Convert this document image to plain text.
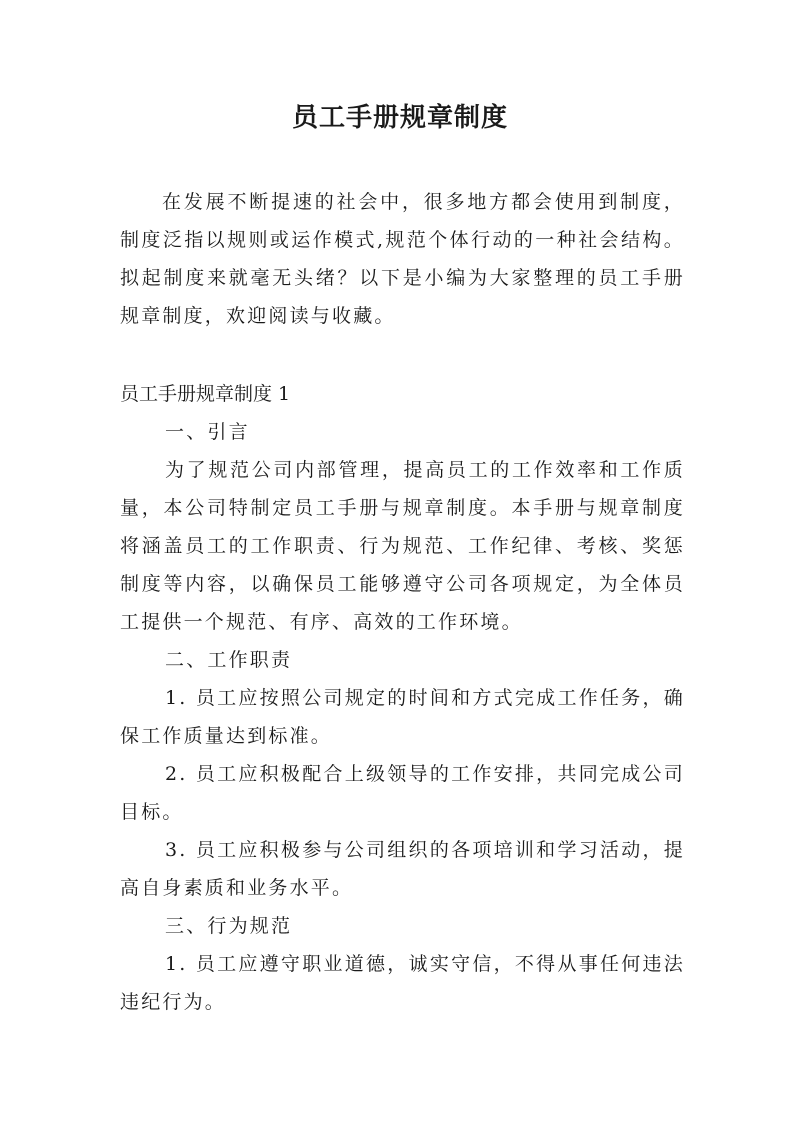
员工手册规章制度

在发展不断提速的社会中，很多地方都会使用到制度，制度泛指以规则或运作模式,规范个体行动的一种社会结构。拟起制度来就毫无头绪？以下是小编为大家整理的员工手册规章制度，欢迎阅读与收藏。

员工手册规章制度 1

一、引言

为了规范公司内部管理，提高员工的工作效率和工作质量，本公司特制定员工手册与规章制度。本手册与规章制度将涵盖员工的工作职责、行为规范、工作纪律、考核、奖惩制度等内容，以确保员工能够遵守公司各项规定，为全体员工提供一个规范、有序、高效的工作环境。

二、工作职责

1. 员工应按照公司规定的时间和方式完成工作任务，确保工作质量达到标准。

2. 员工应积极配合上级领导的工作安排，共同完成公司目标。

3. 员工应积极参与公司组织的各项培训和学习活动，提高自身素质和业务水平。

三、行为规范

1. 员工应遵守职业道德，诚实守信，不得从事任何违法违纪行为。
